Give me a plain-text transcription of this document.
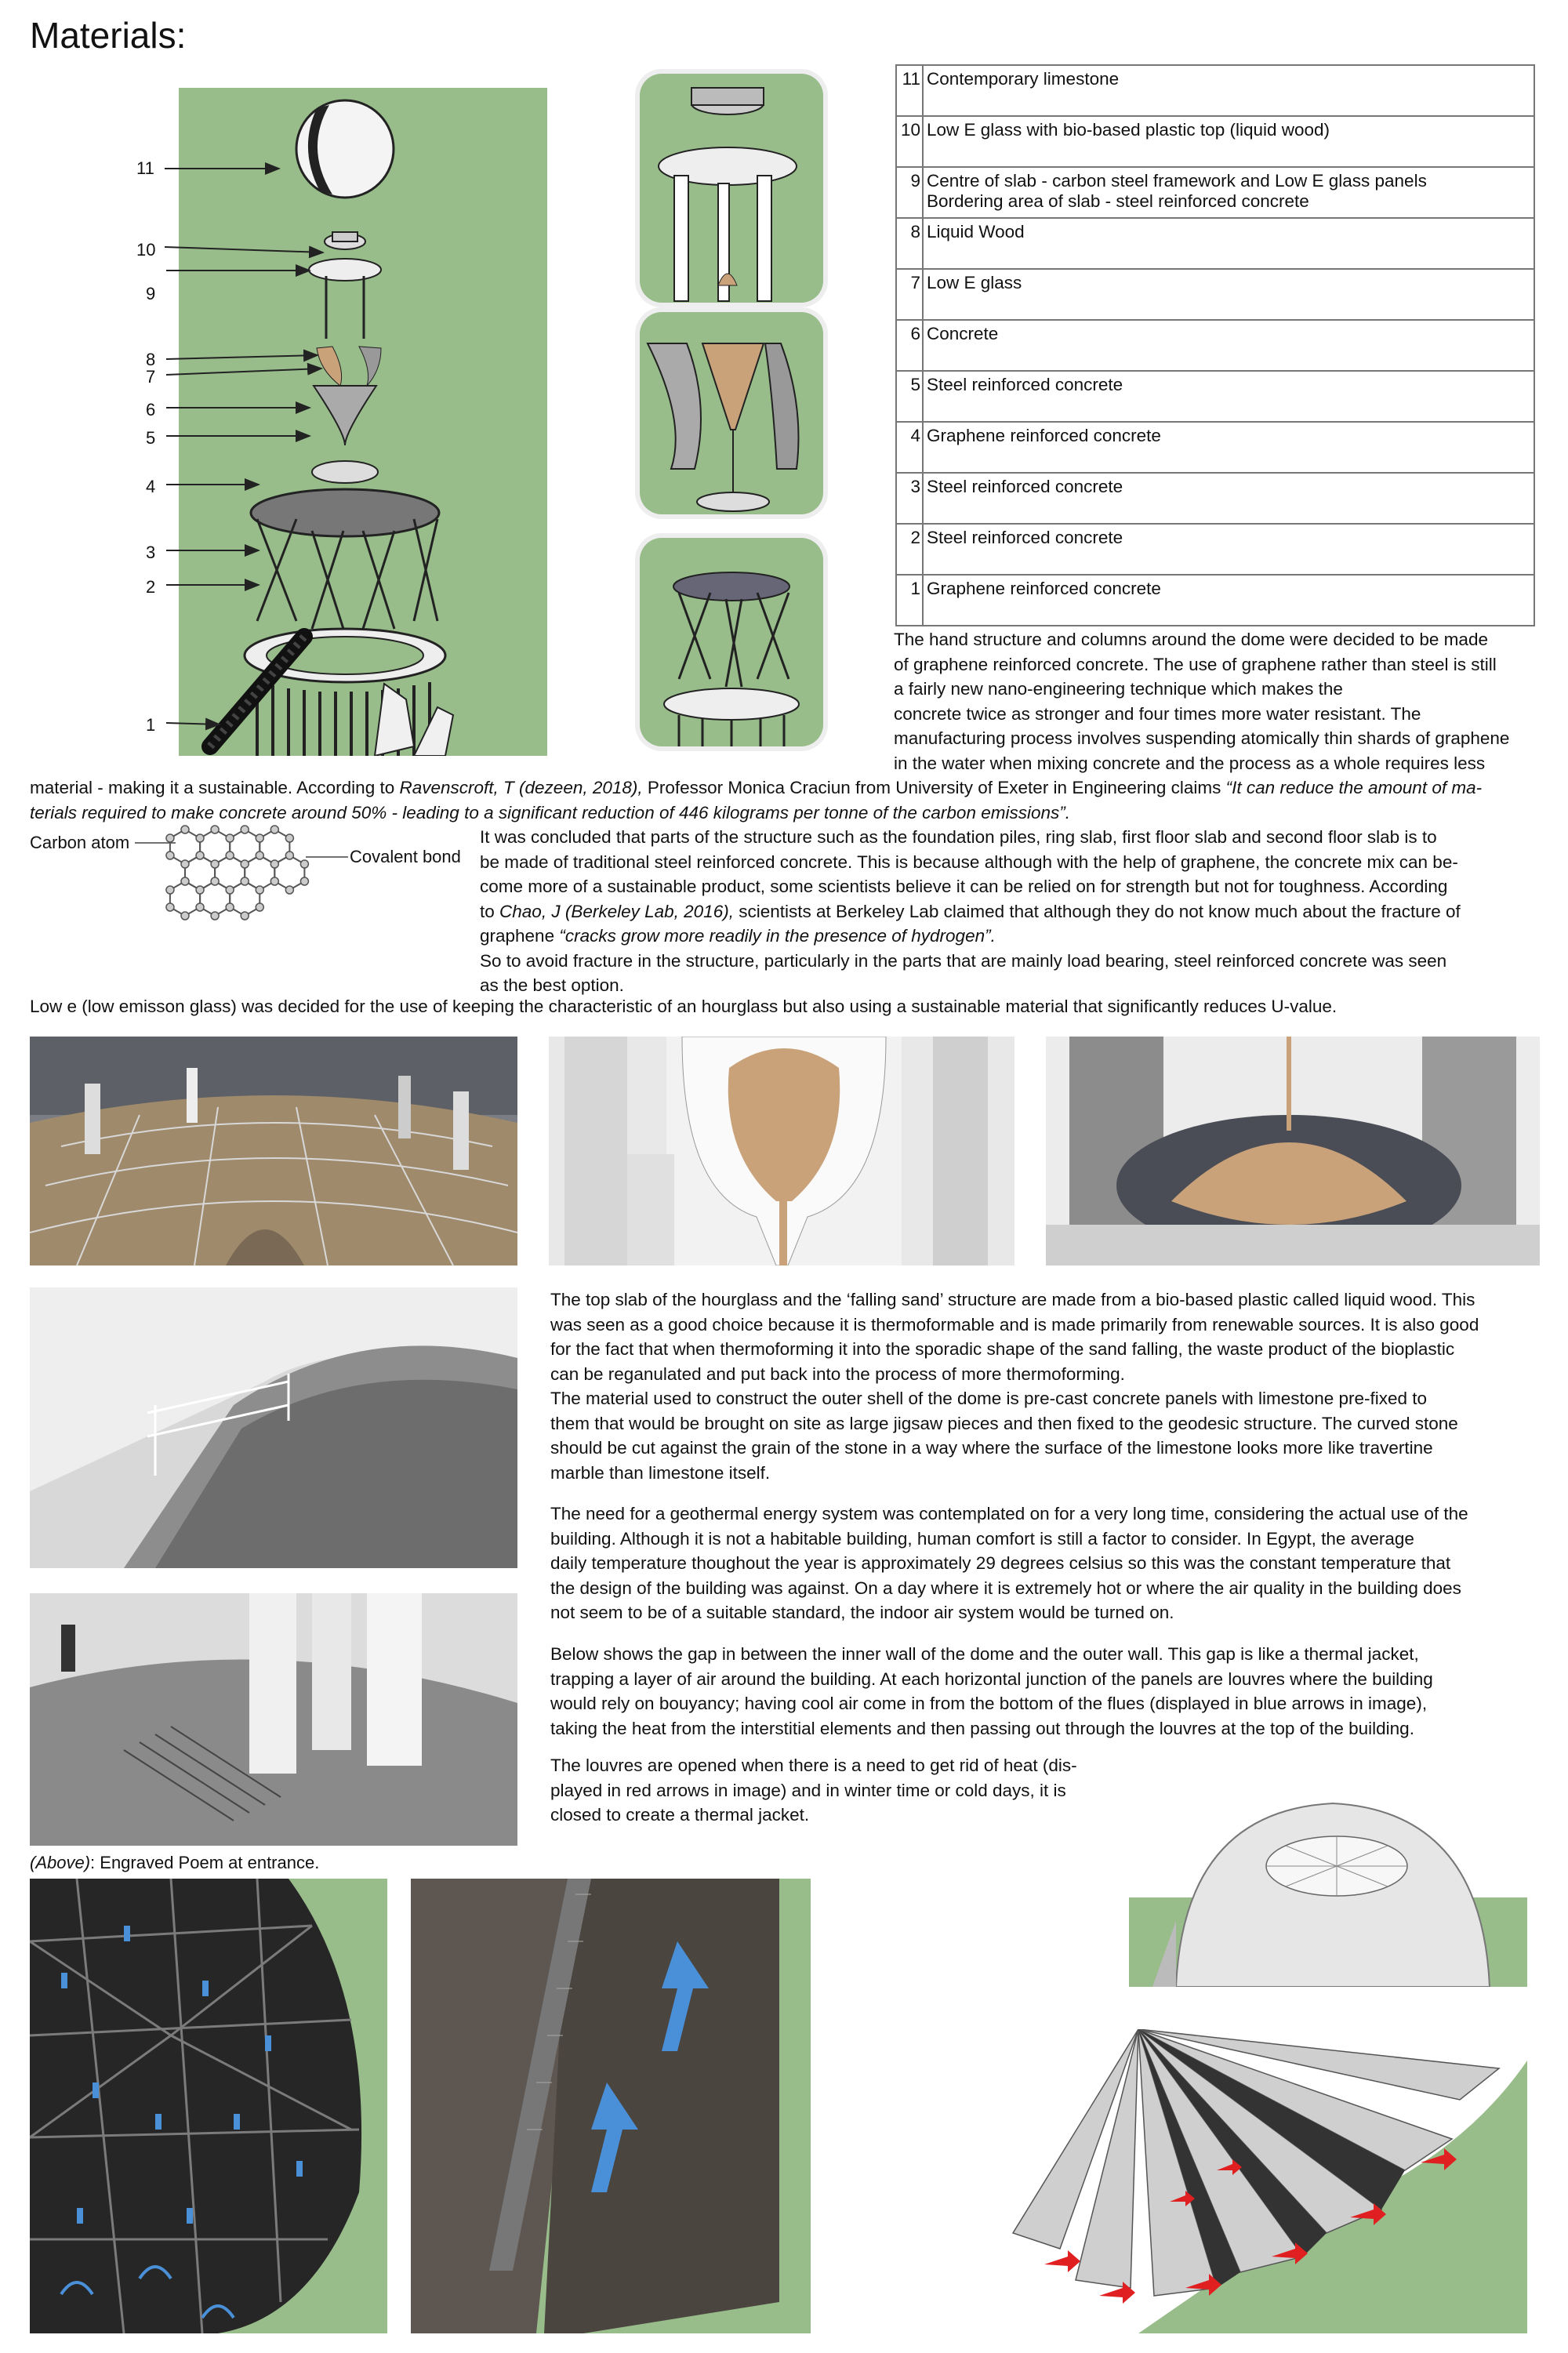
Materials:
11
10
9
8
7
6
5
4
3
2
1
11	Contemporary limestone
10	Low E glass with bio-based plastic top (liquid wood)
9	Centre of slab - carbon steel framework and Low E glass panels
Bordering area of slab - steel reinforced concrete

8	Liquid Wood
7	Low E glass
6	Concrete
5	Steel reinforced concrete
4	Graphene reinforced concrete
3	Steel reinforced concrete
2	Steel reinforced concrete
1	Graphene reinforced concrete

The hand structure and columns around the dome were decided to be made

of graphene reinforced concrete. The use of graphene rather than steel is still

a fairly new nano-engineering technique which makes the

concrete twice as stronger and four times more water resistant. The

manufacturing process involves suspending atomically thin shards of graphene

in the water when mixing concrete and the process as a whole requires less

material - making it a sustainable. According to Ravenscroft, T (dezeen, 2018), Professor Monica Craciun from University of Exeter in Engineering claims “It can reduce the amount of ma-

terials required to make concrete around 50% - leading to a significant reduction of 446 kilograms per tonne of the carbon emissions”.

Carbon atom
Covalent bond

It was concluded that parts of the structure such as the foundation piles, ring slab, first floor slab and second floor slab is to

be made of traditional steel reinforced concrete. This is because although with the help of graphene, the concrete mix can be-

come more of a sustainable product, some scientists believe it can be relied on for strength but not for toughness. According

to Chao, J (Berkeley Lab, 2016), scientists at Berkeley Lab claimed that although they do not know much about the fracture of

graphene “cracks grow more readily in the presence of hydrogen”.

So to avoid fracture in the structure, particularly in the parts that are mainly load bearing, steel reinforced concrete was seen

as the best option.

Low e (low emisson glass) was decided for the use of keeping the characteristic of an hourglass but also using a sustainable material that significantly reduces U-value.
(Above): Engraved Poem at entrance.

The top slab of the hourglass and the ‘falling sand’ structure are made from a bio-based plastic called liquid wood. This

was seen as a good choice because it is thermoformable and is made primarily from renewable sources. It is also good

for the fact that when thermoforming it into the sporadic shape of the sand falling, the waste product of the bioplastic

can be reganulated and put back into the process of more thermoforming.

The material used to construct the outer shell of the dome is pre-cast concrete panels with limestone pre-fixed to

them that would be brought on site as large jigsaw pieces and then fixed to the geodesic structure. The curved stone

should be cut against the grain of the stone in a way where the surface of the limestone looks more like travertine

marble than limestone itself.

The need for a geothermal energy system was contemplated on for a very long time, considering the actual use of the

building. Although it is not a habitable building, human comfort is still a factor to consider. In Egypt, the average

daily temperature thoughout the year is approximately 29 degrees celsius so this was the constant temperature that

the design of the building was against. On a day where it is extremely hot or where the air quality in the building does

not seem to be of a suitable standard, the indoor air system would be turned on.

Below shows the gap in between the inner wall of the dome and the outer wall. This gap is like a thermal jacket,

trapping a layer of air around the building. At each horizontal junction of the panels are louvres where the building

would rely on bouyancy; having cool air come in from the bottom of the flues (displayed in blue arrows in image),

taking the heat from the interstitial elements and then passing out through the louvres at the top of the building.

The louvres are opened when there is a need to get rid of heat (dis-

played in red arrows in image) and in winter time or cold days, it is

closed to create a thermal jacket.
